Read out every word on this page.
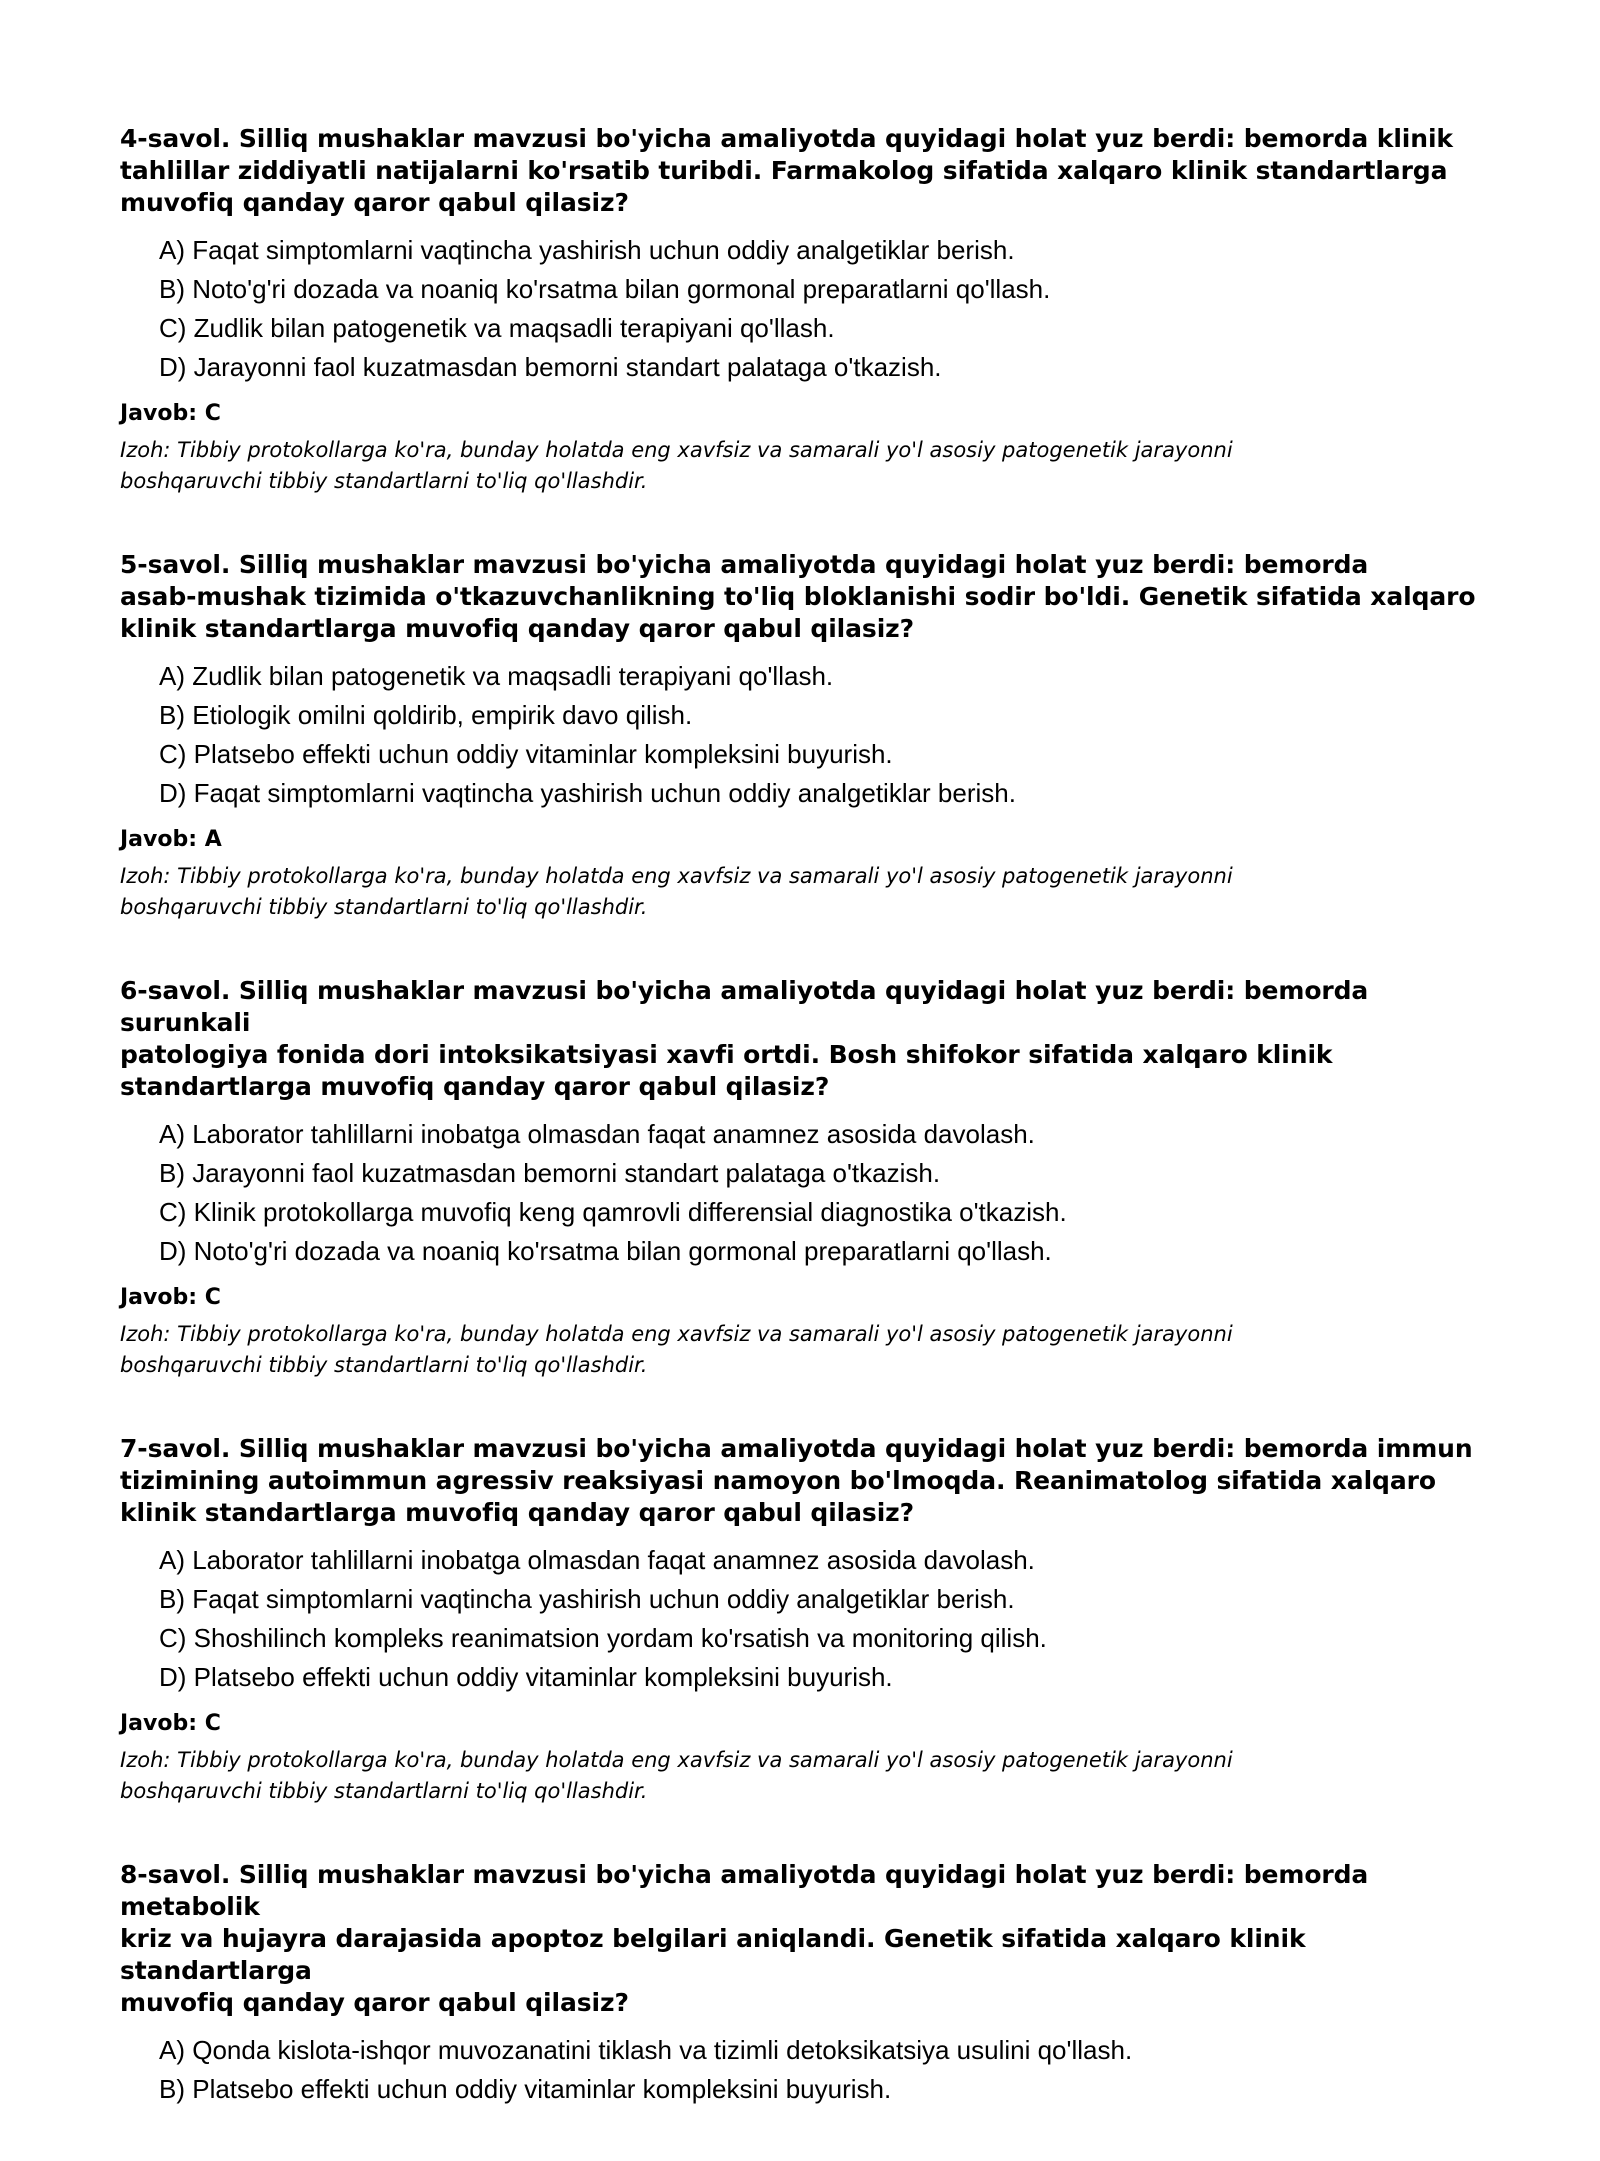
4-savol. Silliq mushaklar mavzusi bo'yicha amaliyotda quyidagi holat yuz berdi: bemorda klinik
tahlillar ziddiyatli natijalarni ko'rsatib turibdi. Farmakolog sifatida xalqaro klinik standartlarga
muvofiq qanday qaror qabul qilasiz?
A) Faqat simptomlarni vaqtincha yashirish uchun oddiy analgetiklar berish.
B) Noto'g'ri dozada va noaniq ko'rsatma bilan gormonal preparatlarni qo'llash.
C) Zudlik bilan patogenetik va maqsadli terapiyani qo'llash.
D) Jarayonni faol kuzatmasdan bemorni standart palataga o'tkazish.
Javob: C
Izoh: Tibbiy protokollarga ko'ra, bunday holatda eng xavfsiz va samarali yo'l asosiy patogenetik jarayonni
boshqaruvchi tibbiy standartlarni to'liq qo'llashdir.
5-savol. Silliq mushaklar mavzusi bo'yicha amaliyotda quyidagi holat yuz berdi: bemorda
asab-mushak tizimida o'tkazuvchanlikning to'liq bloklanishi sodir bo'ldi. Genetik sifatida xalqaro
klinik standartlarga muvofiq qanday qaror qabul qilasiz?
A) Zudlik bilan patogenetik va maqsadli terapiyani qo'llash.
B) Etiologik omilni qoldirib, empirik davo qilish.
C) Platsebo effekti uchun oddiy vitaminlar kompleksini buyurish.
D) Faqat simptomlarni vaqtincha yashirish uchun oddiy analgetiklar berish.
Javob: A
Izoh: Tibbiy protokollarga ko'ra, bunday holatda eng xavfsiz va samarali yo'l asosiy patogenetik jarayonni
boshqaruvchi tibbiy standartlarni to'liq qo'llashdir.
6-savol. Silliq mushaklar mavzusi bo'yicha amaliyotda quyidagi holat yuz berdi: bemorda surunkali
patologiya fonida dori intoksikatsiyasi xavfi ortdi. Bosh shifokor sifatida xalqaro klinik
standartlarga muvofiq qanday qaror qabul qilasiz?
A) Laborator tahlillarni inobatga olmasdan faqat anamnez asosida davolash.
B) Jarayonni faol kuzatmasdan bemorni standart palataga o'tkazish.
C) Klinik protokollarga muvofiq keng qamrovli differensial diagnostika o'tkazish.
D) Noto'g'ri dozada va noaniq ko'rsatma bilan gormonal preparatlarni qo'llash.
Javob: C
Izoh: Tibbiy protokollarga ko'ra, bunday holatda eng xavfsiz va samarali yo'l asosiy patogenetik jarayonni
boshqaruvchi tibbiy standartlarni to'liq qo'llashdir.
7-savol. Silliq mushaklar mavzusi bo'yicha amaliyotda quyidagi holat yuz berdi: bemorda immun
tizimining autoimmun agressiv reaksiyasi namoyon bo'lmoqda. Reanimatolog sifatida xalqaro
klinik standartlarga muvofiq qanday qaror qabul qilasiz?
A) Laborator tahlillarni inobatga olmasdan faqat anamnez asosida davolash.
B) Faqat simptomlarni vaqtincha yashirish uchun oddiy analgetiklar berish.
C) Shoshilinch kompleks reanimatsion yordam ko'rsatish va monitoring qilish.
D) Platsebo effekti uchun oddiy vitaminlar kompleksini buyurish.
Javob: C
Izoh: Tibbiy protokollarga ko'ra, bunday holatda eng xavfsiz va samarali yo'l asosiy patogenetik jarayonni
boshqaruvchi tibbiy standartlarni to'liq qo'llashdir.
8-savol. Silliq mushaklar mavzusi bo'yicha amaliyotda quyidagi holat yuz berdi: bemorda metabolik
kriz va hujayra darajasida apoptoz belgilari aniqlandi. Genetik sifatida xalqaro klinik standartlarga
muvofiq qanday qaror qabul qilasiz?
A) Qonda kislota-ishqor muvozanatini tiklash va tizimli detoksikatsiya usulini qo'llash.
B) Platsebo effekti uchun oddiy vitaminlar kompleksini buyurish.
